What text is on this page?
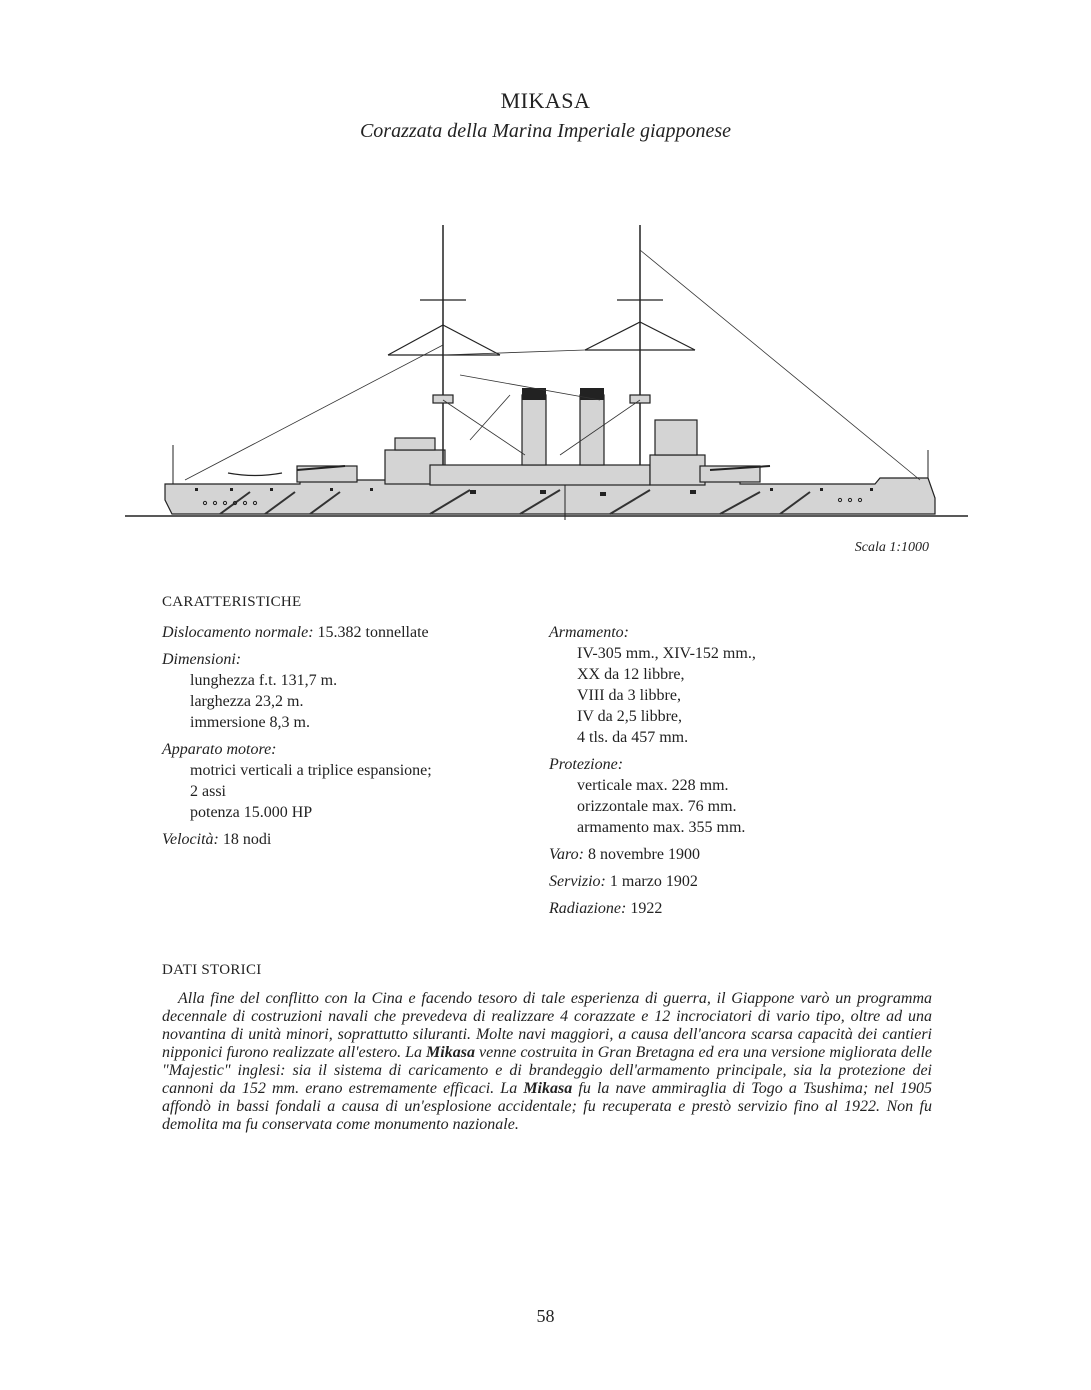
MIKASA
Corazzata della Marina Imperiale giapponese
Scala 1:1000
CARATTERISTICHE
Dislocamento normale: 15.382 tonnellate
Dimensioni:
lunghezza f.t. 131,7 m.
larghezza 23,2 m.
immersione 8,3 m.
Apparato motore:
motrici verticali a triplice espansione;
2 assi
potenza 15.000 HP
Velocità: 18 nodi
Armamento:
IV-305 mm., XIV-152 mm.,
XX da 12 libbre,
VIII da 3 libbre,
IV da 2,5 libbre,
4 tls. da 457 mm.
Protezione:
verticale max. 228 mm.
orizzontale max. 76 mm.
armamento max. 355 mm.
Varo: 8 novembre 1900
Servizio: 1 marzo 1902
Radiazione: 1922
DATI STORICI
Alla fine del conflitto con la Cina e facendo tesoro di tale esperienza di guerra, il Giappone varò un programma decennale di costruzioni navali che prevedeva di realizzare 4 corazzate e 12 incrociatori di vario tipo, oltre ad una novantina di unità minori, soprattutto siluranti. Molte navi maggiori, a causa dell'ancora scarsa capacità dei cantieri nipponici furono realizzate all'estero. La Mikasa venne costruita in Gran Bretagna ed era una versione migliorata delle "Majestic" inglesi: sia il sistema di caricamento e di brandeggio dell'armamento principale, sia la protezione dei cannoni da 152 mm. erano estremamente efficaci. La Mikasa fu la nave ammiraglia di Togo a Tsushima; nel 1905 affondò in bassi fondali a causa di un'esplosione accidentale; fu recuperata e prestò servizio fino al 1922. Non fu demolita ma fu conservata come monumento nazionale.
58
